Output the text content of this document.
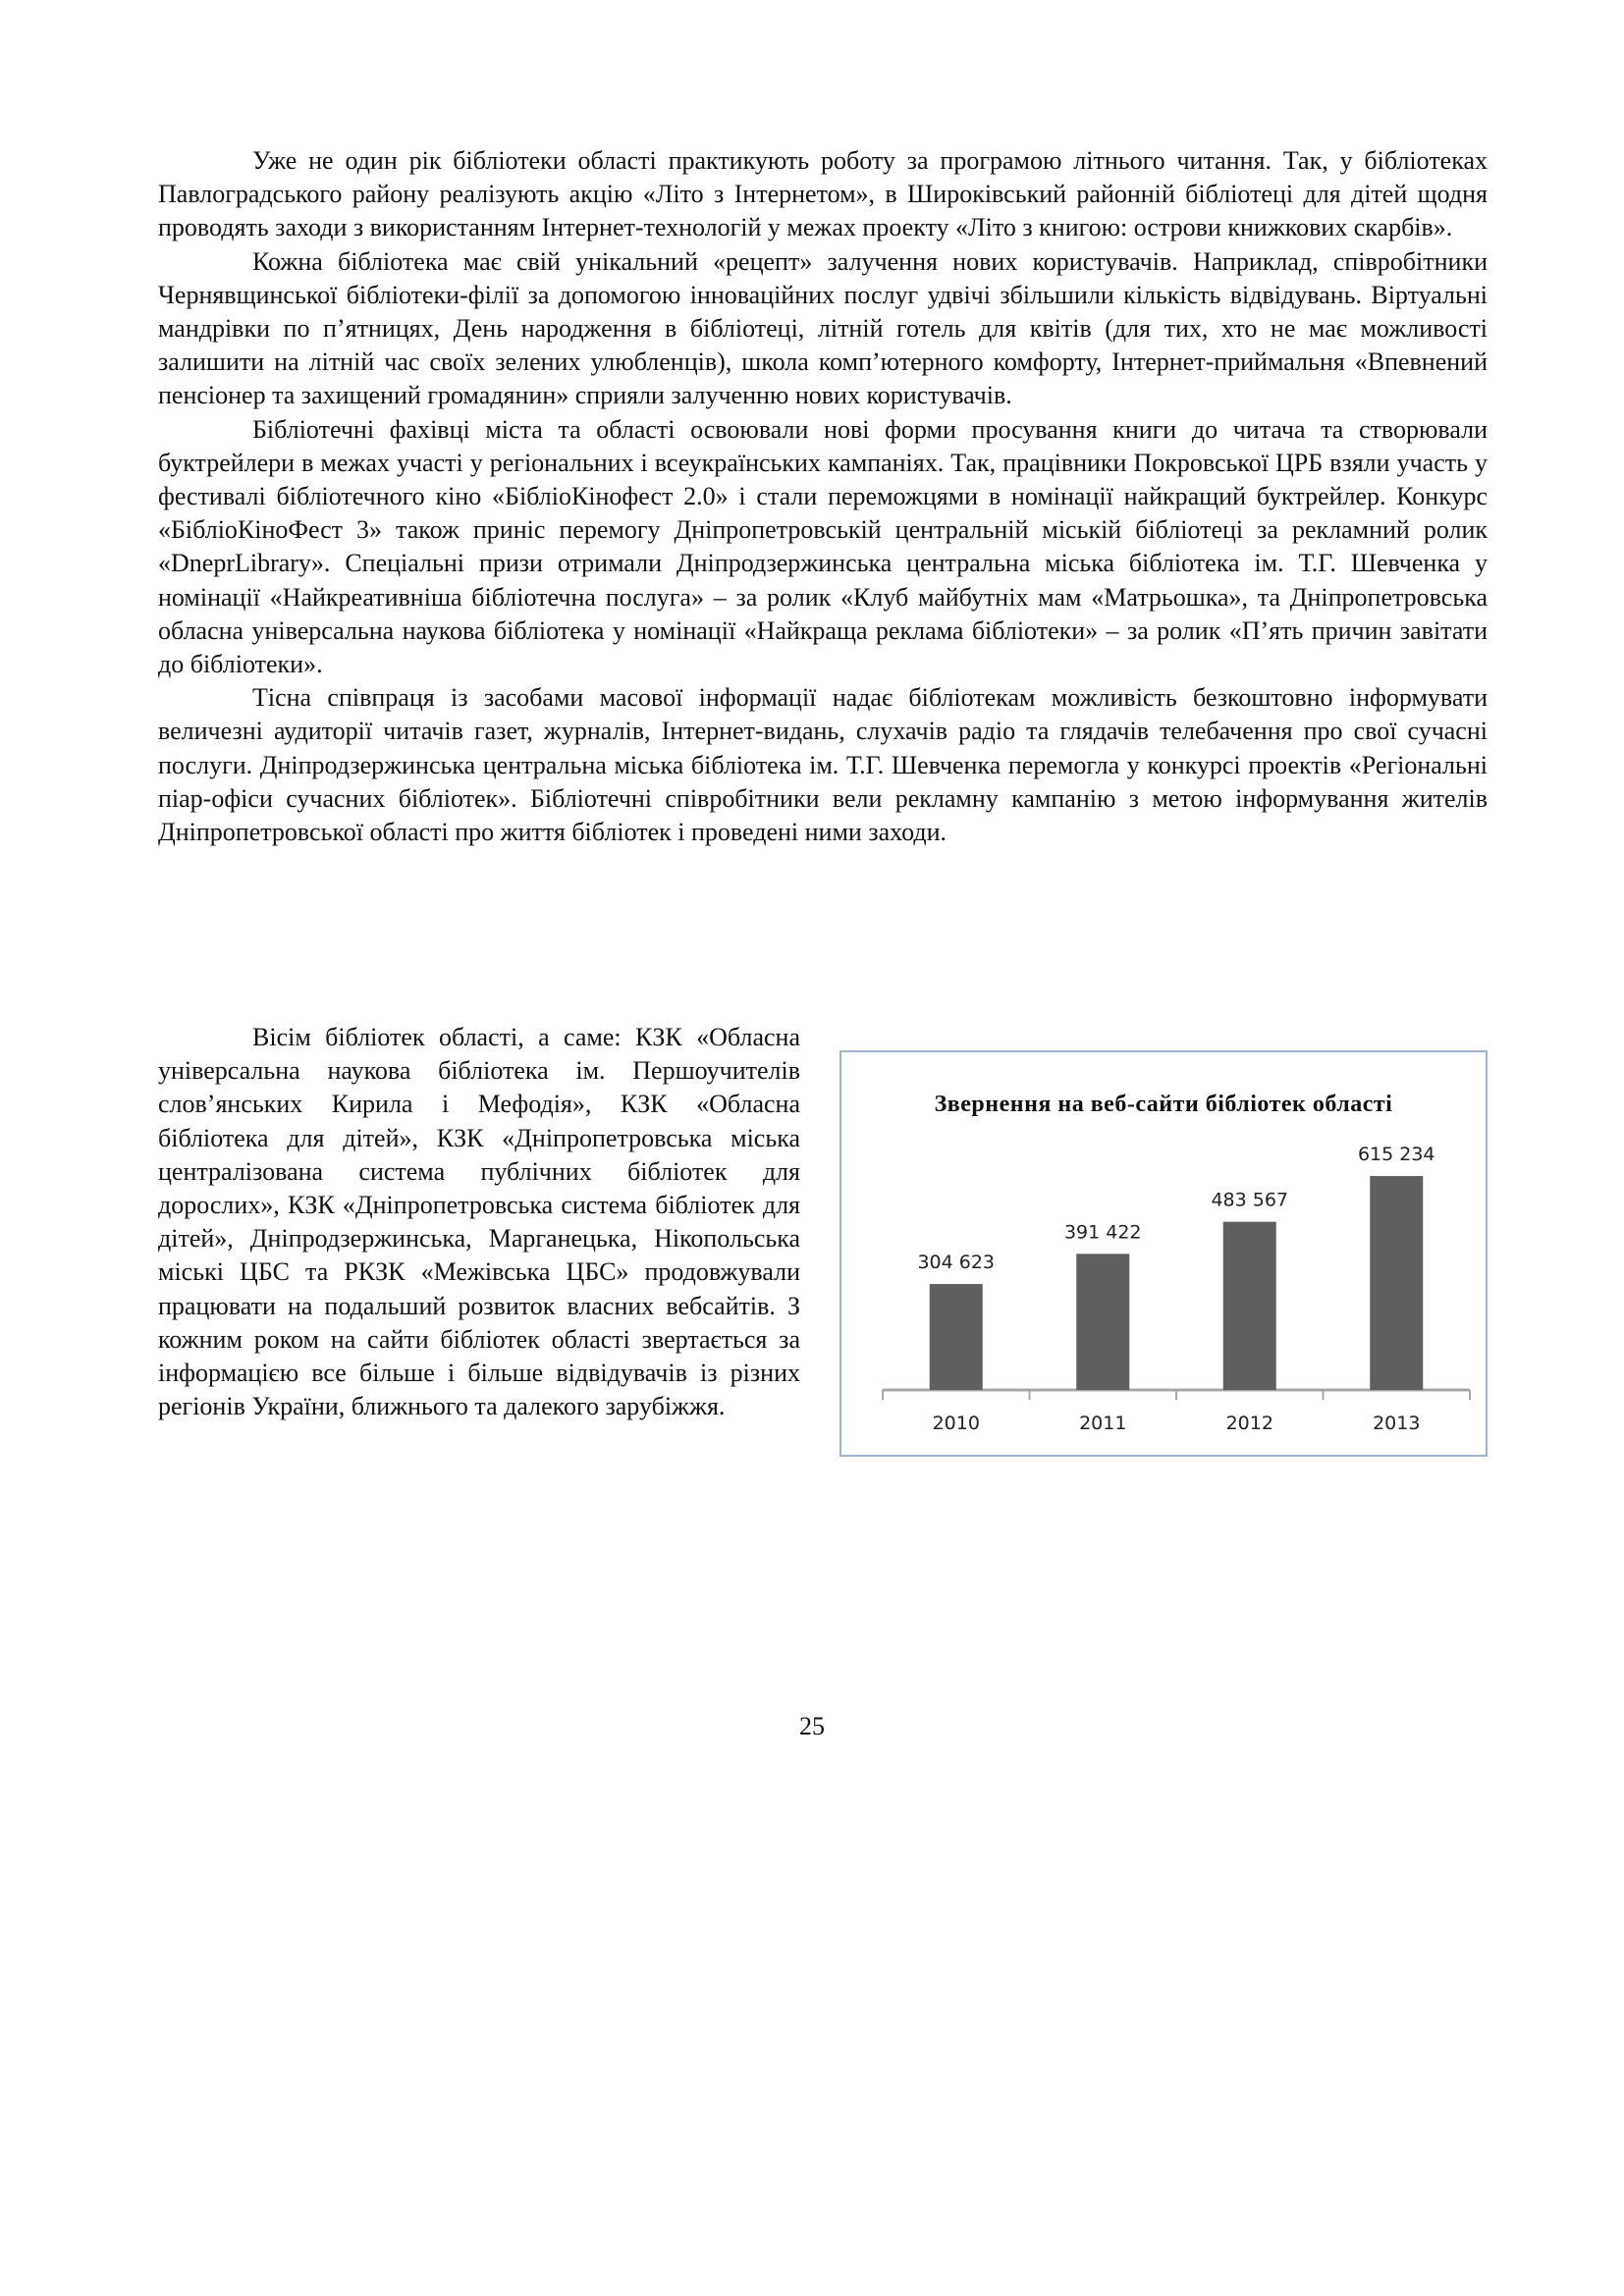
Уже не один рік бібліотеки області практикують роботу за програмою літнього читання. Так, у бібліотеках Павлоградського району реалізують акцію «Літо з Інтернетом», в Широківський районній бібліотеці для дітей щодня проводять заходи з використанням Інтернет-технологій у межах проекту «Літо з книгою: острови книжкових скарбів».

Кожна бібліотека має свій унікальний «рецепт» залучення нових користувачів. Наприклад, співробітники Чернявщинської бібліотеки-філії за допомогою інноваційних послуг удвічі збільшили кількість відвідувань. Віртуальні мандрівки по п’ятницях, День народження в бібліотеці, літній готель для квітів (для тих, хто не має можливості залишити на літній час своїх зелених улюбленців), школа комп’ютерного комфорту, Інтернет-приймальня «Впевнений пенсіонер та захищений громадянин» сприяли залученню нових користувачів.

Бібліотечні фахівці міста та області освоювали нові форми просування книги до читача та створювали буктрейлери в межах участі у регіональних і всеукраїнських кампаніях. Так, працівники Покровської ЦРБ взяли участь у фестивалі бібліотечного кіно «БібліоКінофест 2.0» і стали переможцями в номінації найкращий буктрейлер. Конкурс «БібліоКіноФест 3» також приніс перемогу Дніпропетровській центральній міській бібліотеці за рекламний ролик «DneprLibrary». Спеціальні призи отримали Дніпродзержинська центральна міська бібліотека ім. Т.Г. Шевченка у номінації «Найкреативніша бібліотечна послуга» – за ролик «Клуб майбутніх мам «Матрьошка», та Дніпропетровська обласна універсальна наукова бібліотека у номінації «Найкраща реклама бібліотеки» – за ролик «П’ять причин завітати до бібліотеки».

Тісна співпраця із засобами масової інформації надає бібліотекам можливість безкоштовно інформувати величезні аудиторії читачів газет, журналів, Інтернет-видань, слухачів радіо та глядачів телебачення про свої сучасні послуги. Дніпродзержинська центральна міська бібліотека ім. Т.Г. Шевченка перемогла у конкурсі проектів «Регіональні піар-офіси сучасних бібліотек». Бібліотечні співробітники вели рекламну кампанію з метою інформування жителів Дніпропетровської області про життя бібліотек і проведені ними заходи.

Звернення на веб-сайти бібліотек області
304 623
2010
391 422
2011
483 567
2012
615 234
2013

Вісім бібліотек області, а саме: КЗК «Обласна універсальна наукова бібліотека ім. Першоучителів слов’янських Кирила і Мефодія», КЗК «Обласна бібліотека для дітей», КЗК «Дніпропетровська міська централізована система публічних бібліотек для дорослих», КЗК «Дніпропетровська система бібліотек для дітей», Дніпродзержинська, Марганецька, Нікопольська міські ЦБС та РКЗК «Межівська ЦБС» продовжували працювати на подальший розвиток власних вебсайтів. З кожним роком на сайти бібліотек області звертається за інформацією все більше і більше відвідувачів із різних регіонів України, ближнього та далекого зарубіжжя.

25
